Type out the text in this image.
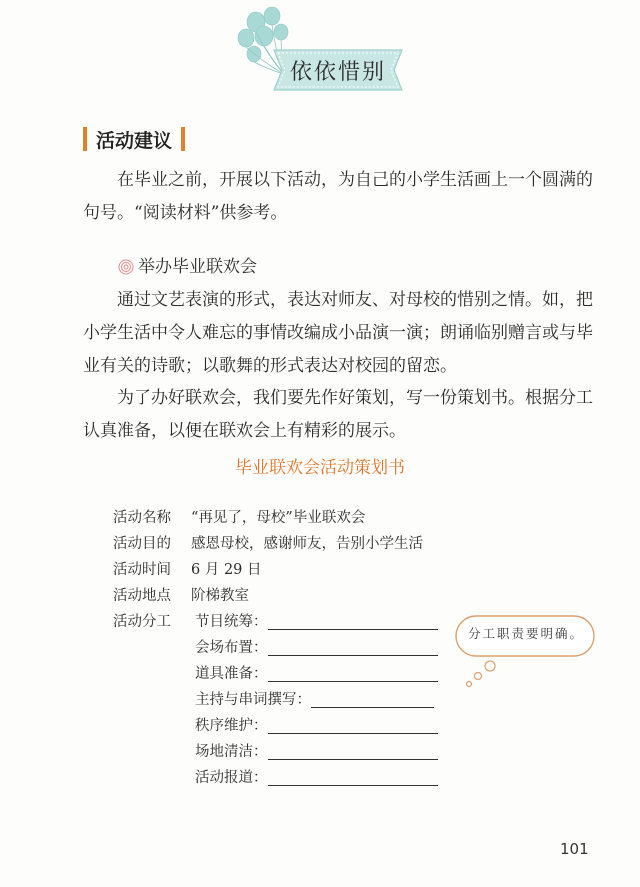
依依惜别
活动建议
在毕业之前，开展以下活动，为自己的小学生活画上一个圆满的句号。“阅读材料”供参考。
举办毕业联欢会
通过文艺表演的形式，表达对师友、对母校的惜别之情。如，把小学生活中令人难忘的事情改编成小品演一演；朗诵临别赠言或与毕业有关的诗歌；以歌舞的形式表达对校园的留恋。
为了办好联欢会，我们要先作好策划，写一份策划书。根据分工认真准备，以便在联欢会上有精彩的展示。
毕业联欢会活动策划书
活动名称	“再见了，母校”毕业联欢会
活动目的	感恩母校，感谢师友，告别小学生活
活动时间	6 月 29 日
活动地点	阶梯教室
活动分工	节目统筹：
会场布置：
道具准备：
主持与串词撰写：
秩序维护：
场地清洁：
活动报道：
分工职责要明确。
101
